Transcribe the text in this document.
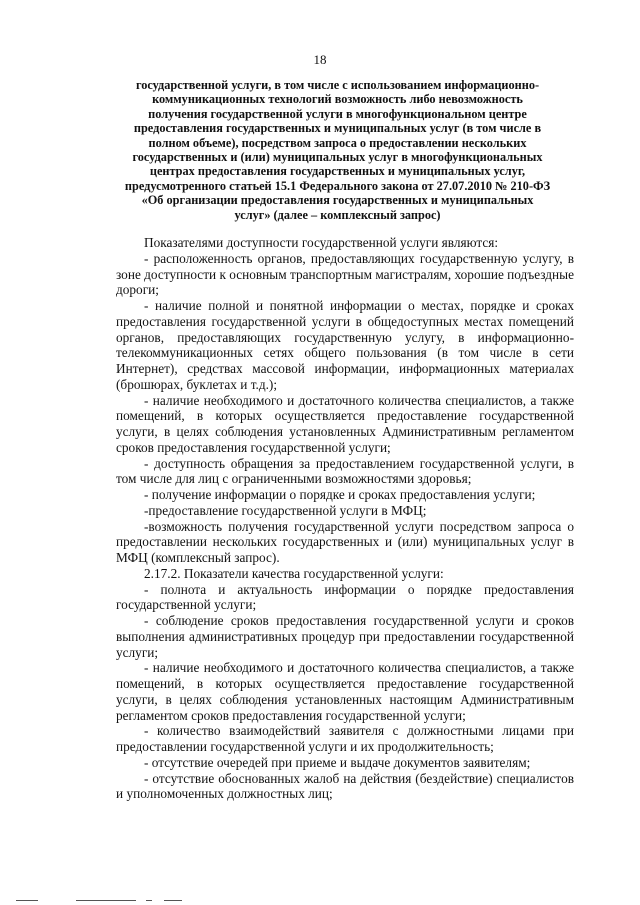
18
государственной услуги, в том числе с использованием информационно-
коммуникационных технологий возможность либо невозможность
получения государственной услуги в многофункциональном центре
предоставления государственных и муниципальных услуг (в том числе в
полном объеме), посредством запроса о предоставлении нескольких
государственных и (или) муниципальных услуг в многофункциональных
центрах предоставления государственных и муниципальных услуг,
предусмотренного статьей 15.1 Федерального закона от 27.07.2010 № 210-ФЗ
«Об организации предоставления государственных и муниципальных
услуг» (далее – комплексный запрос)

Показателями доступности государственной услуги являются:

- расположенность органов, предоставляющих государственную услугу, в зоне доступности к основным транспортным магистралям, хорошие подъездные дороги;

- наличие полной и понятной информации о местах, порядке и сроках предоставления государственной услуги в общедоступных местах помещений органов, предоставляющих государственную услугу, в информационно-телекоммуникационных сетях общего пользования (в том числе в сети Интернет), средствах массовой информации, информационных материалах (брошюрах, буклетах и т.д.);

- наличие необходимого и достаточного количества специалистов, а также помещений, в которых осуществляется предоставление государственной услуги, в целях соблюдения установленных Административным регламентом сроков предоставления государственной услуги;

- доступность обращения за предоставлением государственной услуги, в том числе для лиц с ограниченными возможностями здоровья;

- получение информации о порядке и сроках предоставления услуги;

-предоставление государственной услуги в МФЦ;

-возможность получения государственной услуги посредством запроса о предоставлении нескольких государственных и (или) муниципальных услуг в МФЦ (комплексный запрос).

2.17.2. Показатели качества государственной услуги:

- полнота и актуальность информации о порядке предоставления государственной услуги;

- соблюдение сроков предоставления государственной услуги и сроков выполнения административных процедур при предоставлении государственной услуги;

- наличие необходимого и достаточного количества специалистов, а также помещений, в которых осуществляется предоставление государственной услуги, в целях соблюдения установленных настоящим Административным регламентом сроков предоставления государственной услуги;

- количество взаимодействий заявителя с должностными лицами при предоставлении государственной услуги и их продолжительность;

- отсутствие очередей при приеме и выдаче документов заявителям;

- отсутствие обоснованных жалоб на действия (бездействие) специалистов и уполномоченных должностных лиц;
